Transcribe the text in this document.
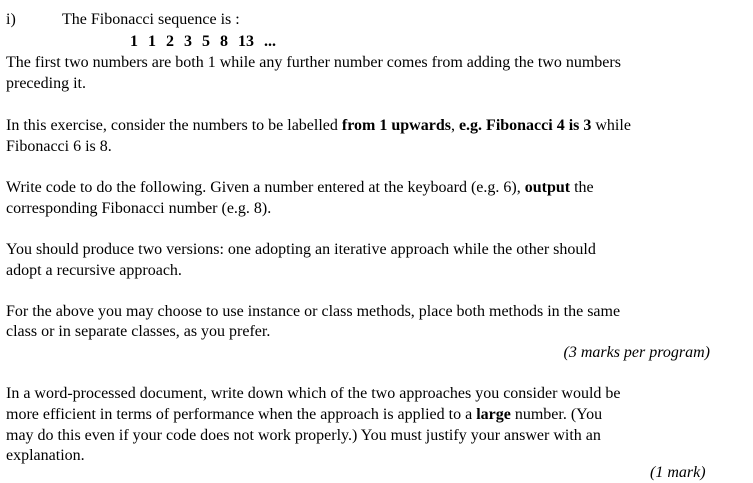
i)	The Fibonacci sequence is :
1 1 2 3 5 8 13 ...
The first two numbers are both 1 while any further number comes from adding the two numbers
preceding it.
In this exercise, consider the numbers to be labelled from 1 upwards, e.g. Fibonacci 4 is 3 while
Fibonacci 6 is 8.
Write code to do the following. Given a number entered at the keyboard (e.g. 6), output the
corresponding Fibonacci number (e.g. 8).
You should produce two versions: one adopting an iterative approach while the other should
adopt a recursive approach.
For the above you may choose to use instance or class methods, place both methods in the same
class or in separate classes, as you prefer.
(3 marks per program)
In a word-processed document, write down which of the two approaches you consider would be
more efficient in terms of performance when the approach is applied to a large number. (You
may do this even if your code does not work properly.) You must justify your answer with an
explanation.
(1 mark)
